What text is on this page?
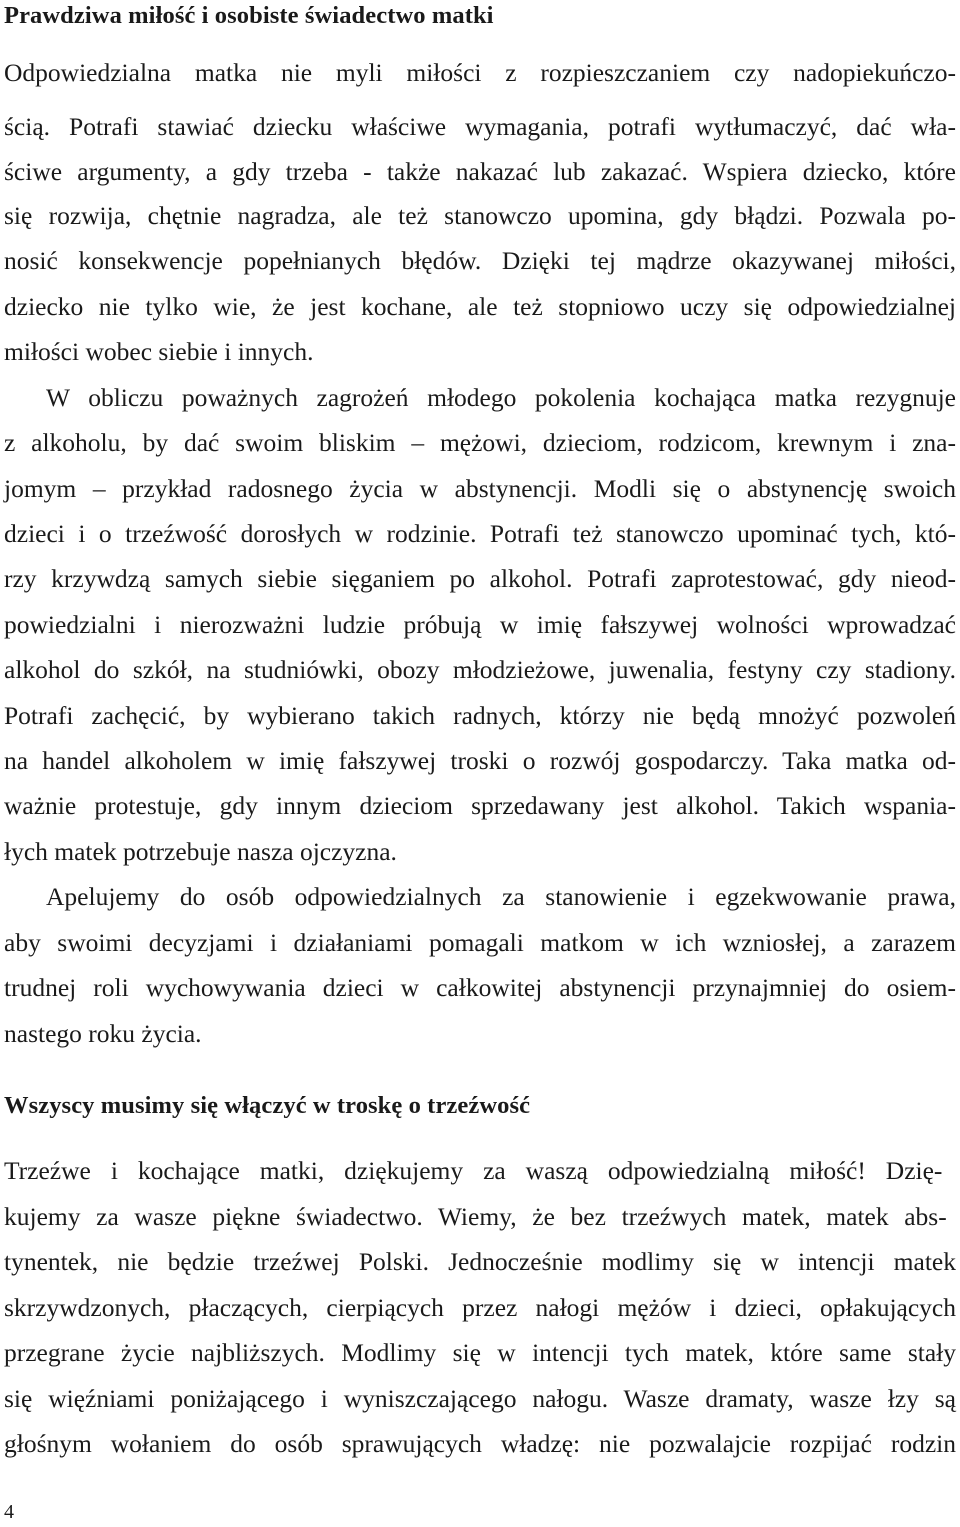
Prawdziwa miłość i osobiste świadectwo matki
Odpowiedzialna matka nie myli miłości z rozpieszczaniem czy nadopiekuńczo-
ścią. Potrafi stawiać dziecku właściwe wymagania, potrafi wytłumaczyć, dać wła-
ściwe argumenty, a gdy trzeba - także nakazać lub zakazać. Wspiera dziecko, które
się rozwija, chętnie nagradza, ale też stanowczo upomina, gdy błądzi. Pozwala po-
nosić konsekwencje popełnianych błędów. Dzięki tej mądrze okazywanej miłości,
dziecko nie tylko wie, że jest kochane, ale też stopniowo uczy się odpowiedzialnej
miłości wobec siebie i innych.
W obliczu poważnych zagrożeń młodego pokolenia kochająca matka rezygnuje
z alkoholu, by dać swoim bliskim – mężowi, dzieciom, rodzicom, krewnym i zna-
jomym – przykład radosnego życia w abstynencji. Modli się o abstynencję swoich
dzieci i o trzeźwość dorosłych w rodzinie. Potrafi też stanowczo upominać tych, któ-
rzy krzywdzą samych siebie sięganiem po alkohol. Potrafi zaprotestować, gdy nieod-
powiedzialni i nierozważni ludzie próbują w imię fałszywej wolności wprowadzać
alkohol do szkół, na studniówki, obozy młodzieżowe, juwenalia, festyny czy stadiony.
Potrafi zachęcić, by wybierano takich radnych, którzy nie będą mnożyć pozwoleń
na handel alkoholem w imię fałszywej troski o rozwój gospodarczy. Taka matka od-
ważnie protestuje, gdy innym dzieciom sprzedawany jest alkohol. Takich wspania-
łych matek potrzebuje nasza ojczyzna.
Apelujemy do osób odpowiedzialnych za stanowienie i egzekwowanie prawa,
aby swoimi decyzjami i działaniami pomagali matkom w ich wzniosłej, a zarazem
trudnej roli wychowywania dzieci w całkowitej abstynencji przynajmniej do osiem-
nastego roku życia.
Wszyscy musimy się włączyć w troskę o trzeźwość
Trzeźwe i kochające matki, dziękujemy za waszą odpowiedzialną miłość! Dzię-
kujemy za wasze piękne świadectwo. Wiemy, że bez trzeźwych matek, matek abs-
tynentek, nie będzie trzeźwej Polski. Jednocześnie modlimy się w intencji matek
skrzywdzonych, płaczących, cierpiących przez nałogi mężów i dzieci, opłakujących
przegrane życie najbliższych. Modlimy się w intencji tych matek, które same stały
się więźniami poniżającego i wyniszczającego nałogu. Wasze dramaty, wasze łzy są
głośnym wołaniem do osób sprawujących władzę: nie pozwalajcie rozpijać rodzin
4
